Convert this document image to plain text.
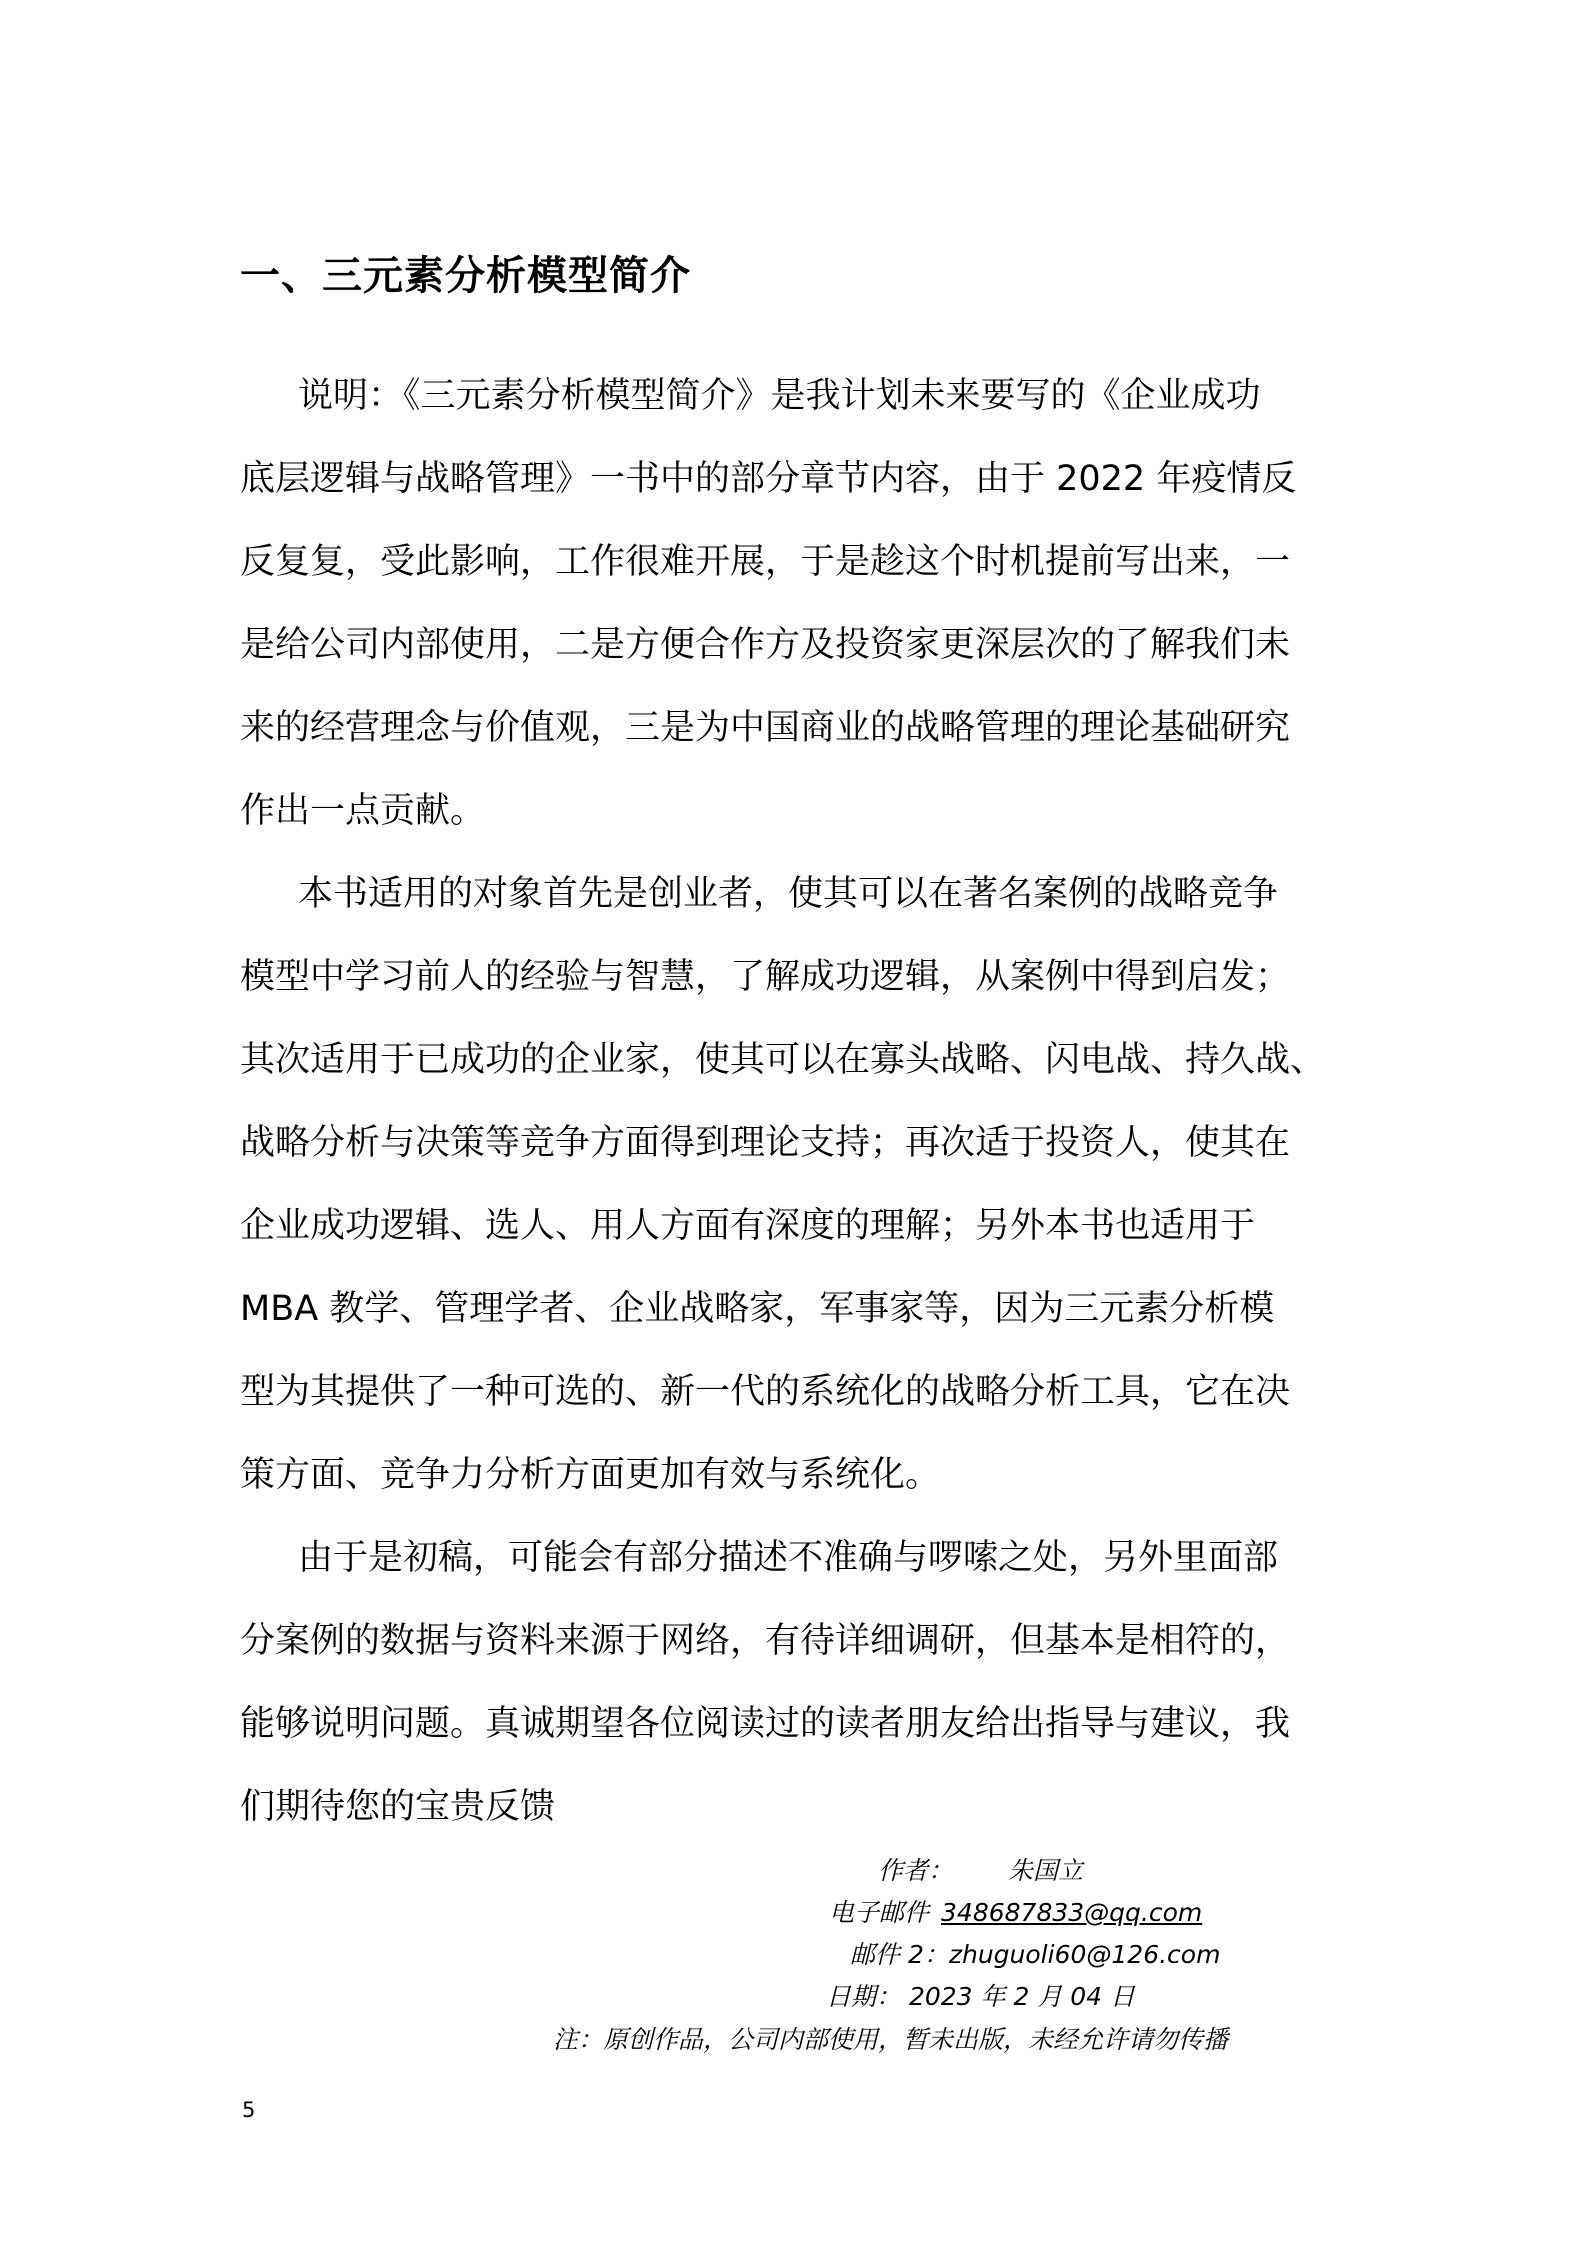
一、三元素分析模型简介
说明：《三元素分析模型简介》是我计划未来要写的《企业成功
底层逻辑与战略管理》一书中的部分章节内容，由于 2022 年疫情反
反复复，受此影响，工作很难开展，于是趁这个时机提前写出来，一
是给公司内部使用，二是方便合作方及投资家更深层次的了解我们未
来的经营理念与价值观，三是为中国商业的战略管理的理论基础研究
作出一点贡献。
本书适用的对象首先是创业者，使其可以在著名案例的战略竞争
模型中学习前人的经验与智慧，了解成功逻辑，从案例中得到启发；
其次适用于已成功的企业家，使其可以在寡头战略、闪电战、持久战、
战略分析与决策等竞争方面得到理论支持；再次适于投资人，使其在
企业成功逻辑、选人、用人方面有深度的理解；另外本书也适用于
MBA 教学、管理学者、企业战略家，军事家等，因为三元素分析模
型为其提供了一种可选的、新一代的系统化的战略分析工具，它在决
策方面、竞争力分析方面更加有效与系统化。
由于是初稿，可能会有部分描述不准确与啰嗦之处，另外里面部
分案例的数据与资料来源于网络，有待详细调研，但基本是相符的，
能够说明问题。真诚期望各位阅读过的读者朋友给出指导与建议，我
们期待您的宝贵反馈
作者： 朱国立
电子邮件 348687833@qq.com
邮件 2：zhuguoli60@126.com
日期： 2023 年 2 月 04 日
注：原创作品，公司内部使用，暂未出版，未经允许请勿传播
5
